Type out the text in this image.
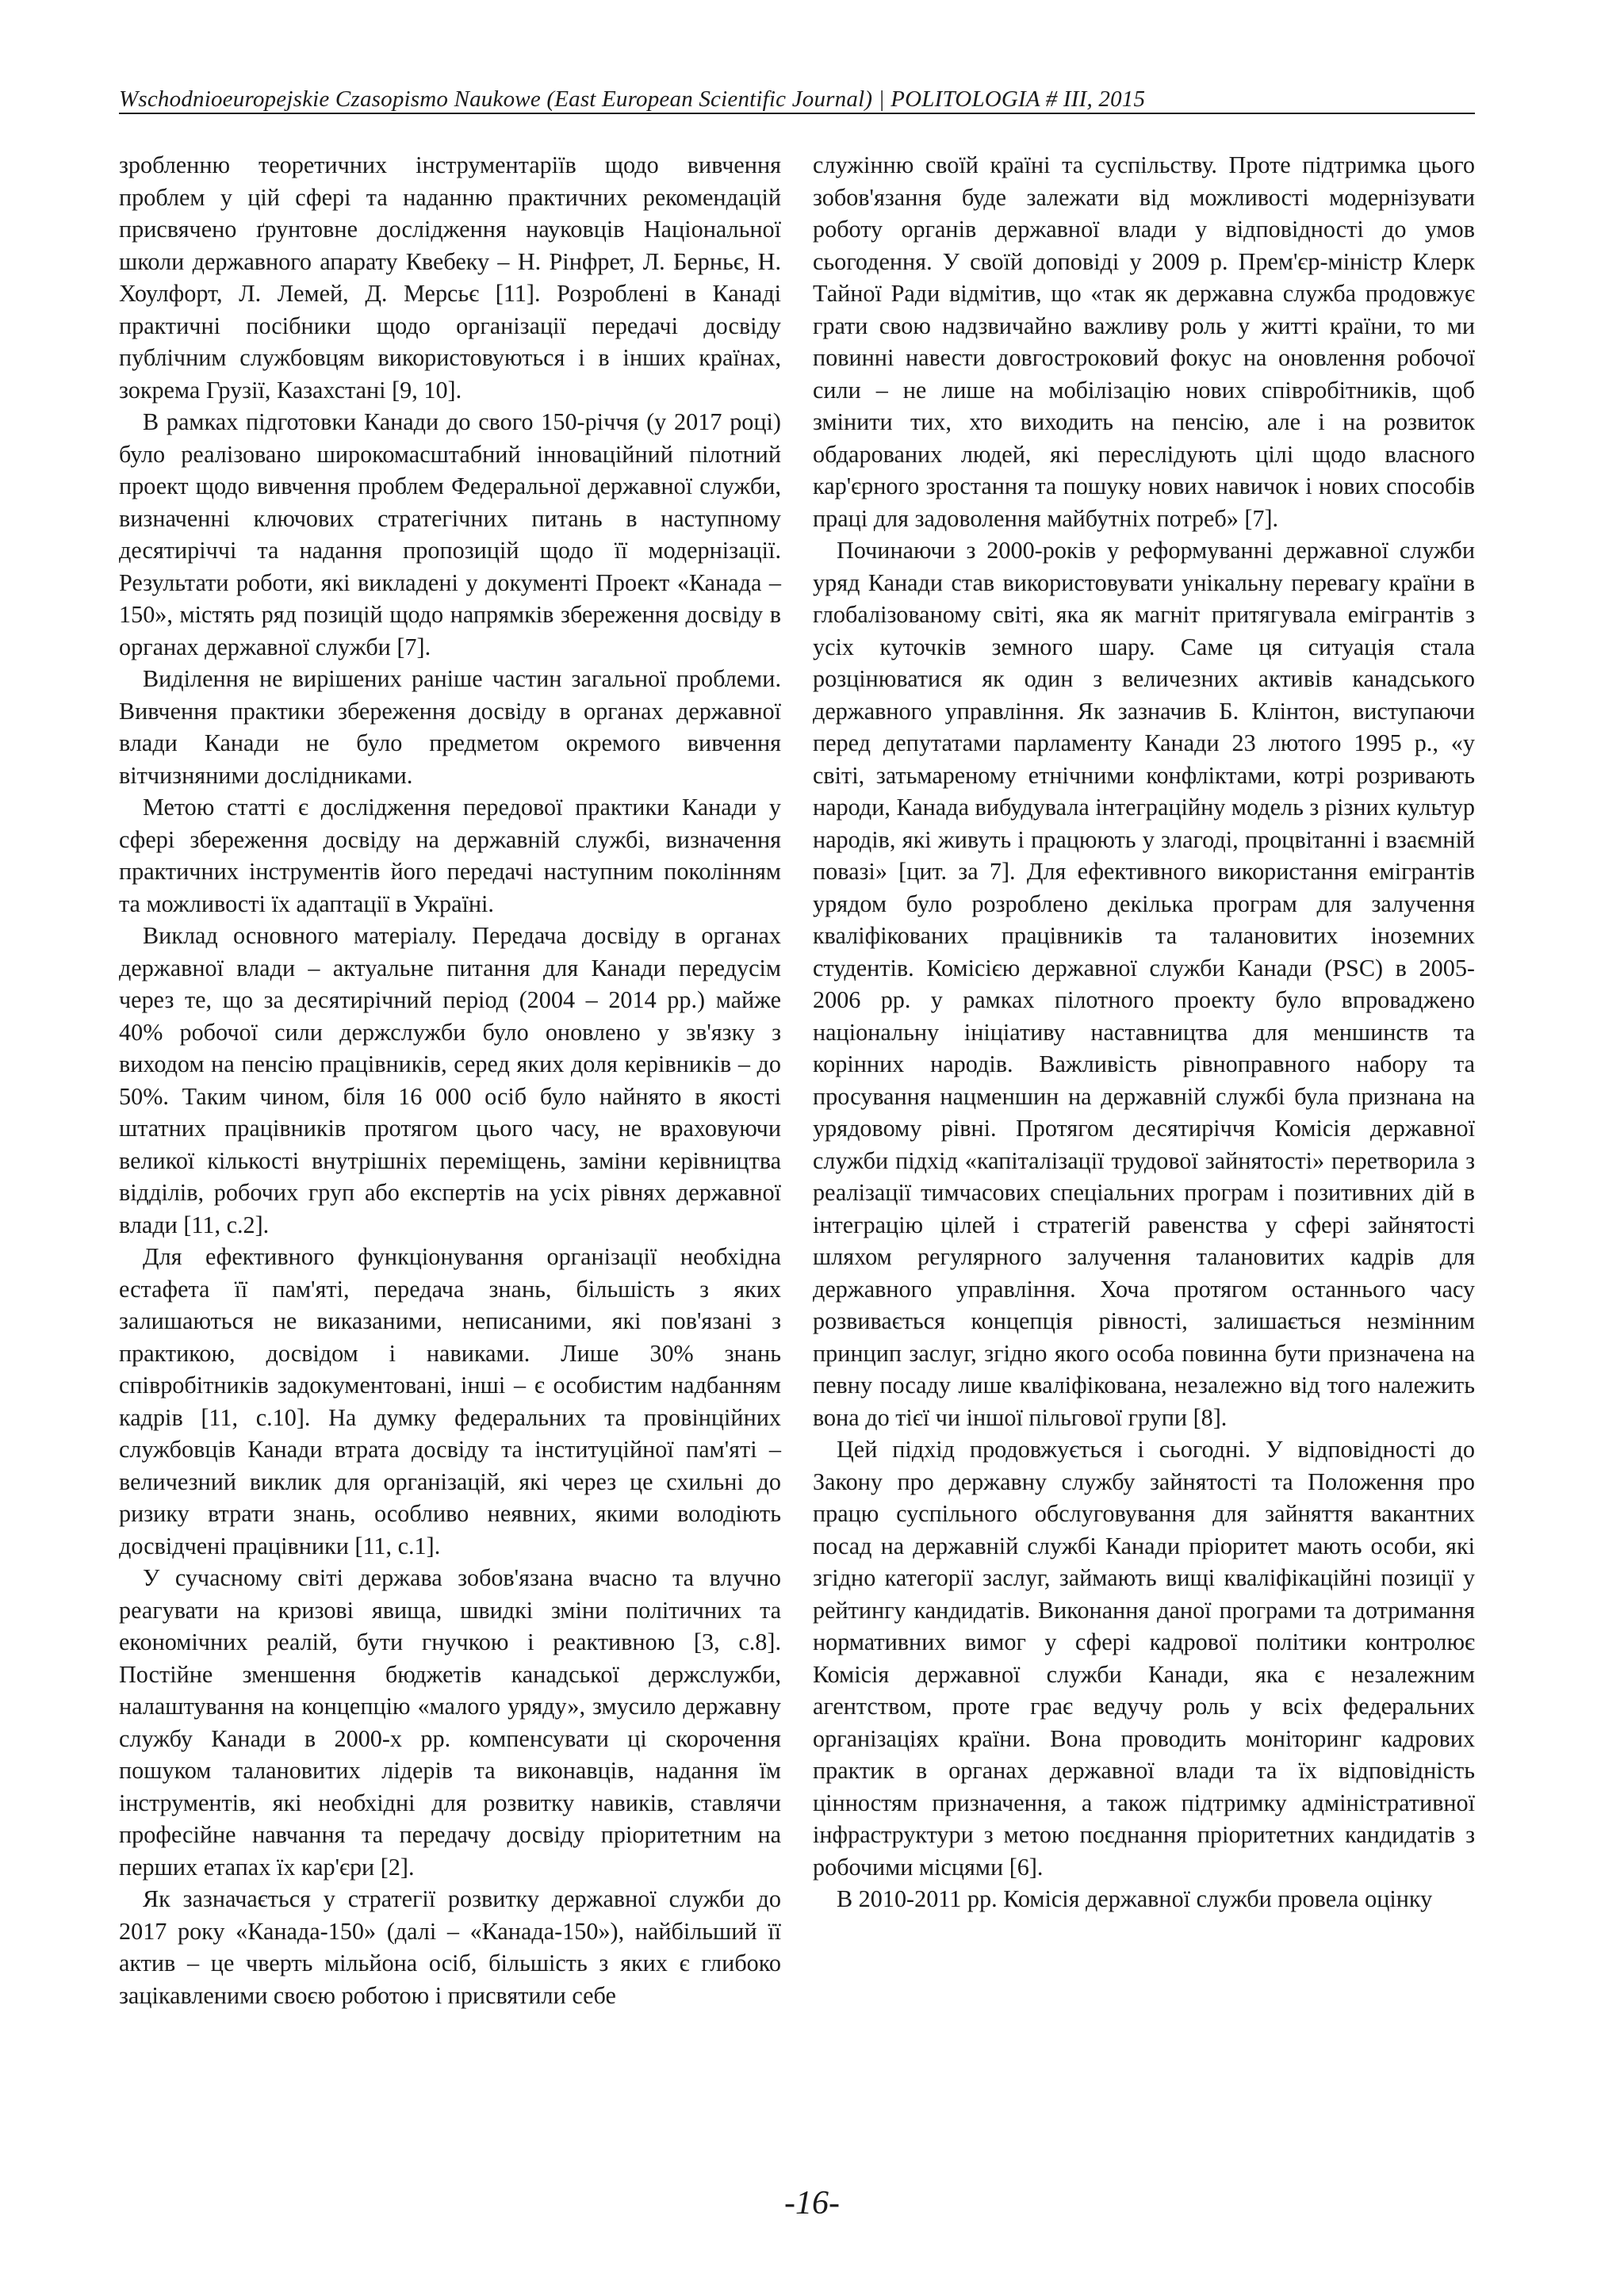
Wschodnioeuropejskie Czasopismo Naukowe (East European Scientific Journal) | POLITOLOGIA # III, 2015

зробленню теоретичних інструментаріїв щодо вивчення проблем у цій сфері та наданню практичних рекомендацій присвячено ґрунтовне дослідження науковців Національної школи державного апарату Квебеку – Н. Рінфрет, Л. Берньє, Н. Хоулфорт, Л. Лемей, Д. Мерсьє [11]. Розроблені в Канаді практичні посібники щодо організації передачі досвіду публічним службовцям використовуються і в інших країнах, зокрема Грузії, Казахстані [9, 10].

В рамках підготовки Канади до свого 150-річчя (у 2017 році) було реалізовано широкомасштабний інноваційний пілотний проект щодо вивчення проблем Федеральної державної служби, визначенні ключових стратегічних питань в наступному десятиріччі та надання пропозицій щодо її модернізації. Результати роботи, які викладені у документі Проект «Канада – 150», містять ряд позицій щодо напрямків збереження досвіду в органах державної служби [7].

Виділення не вирішених раніше частин загальної проблеми. Вивчення практики збереження досвіду в органах державної влади Канади не було предметом окремого вивчення вітчизняними дослідниками.

Метою статті є дослідження передової практики Канади у сфері збереження досвіду на державній службі, визначення практичних інструментів його передачі наступним поколінням та можливості їх адаптації в Україні.

Виклад основного матеріалу. Передача досвіду в органах державної влади – актуальне питання для Канади передусім через те, що за десятирічний період (2004 – 2014 рр.) майже 40% робочої сили держслужби було оновлено у зв'язку з виходом на пенсію працівників, серед яких доля керівників – до 50%. Таким чином, біля 16 000 осіб було найнято в якості штатних працівників протягом цього часу, не враховуючи великої кількості внутрішніх переміщень, заміни керівництва відділів, робочих груп або експертів на усіх рівнях державної влади [11, с.2].

Для ефективного функціонування організації необхідна естафета її пам'яті, передача знань, більшість з яких залишаються не виказаними, неписаними, які пов'язані з практикою, досвідом і навиками. Лише 30% знань співробітників задокументовані, інші – є особистим надбанням кадрів [11, с.10]. На думку федеральних та провінційних службовців Канади втрата досвіду та інституційної пам'яті – величезний виклик для організацій, які через це схильні до ризику втрати знань, особливо неявних, якими володіють досвідчені працівники [11, с.1].

У сучасному світі держава зобов'язана вчасно та влучно реагувати на кризові явища, швидкі зміни політичних та економічних реалій, бути гнучкою і реактивною [3, с.8]. Постійне зменшення бюджетів канадської держслужби, налаштування на концепцію «малого уряду», змусило державну службу Канади в 2000-х рр. компенсувати ці скорочення пошуком талановитих лідерів та виконавців, надання їм інструментів, які необхідні для розвитку навиків, ставлячи професійне навчання та передачу досвіду пріоритетним на перших етапах їх кар'єри [2].

Як зазначається у стратегії розвитку державної служби до 2017 року «Канада-150» (далі – «Канада-150»), найбільший її актив – це чверть мільйона осіб, більшість з яких є глибоко зацікавленими своєю роботою і присвятили себе

служінню своїй країні та суспільству. Проте підтримка цього зобов'язання буде залежати від можливості модернізувати роботу органів державної влади у відповідності до умов сьогодення. У своїй доповіді у 2009 р. Прем'єр-міністр Клерк Тайної Ради відмітив, що «так як державна служба продовжує грати свою надзвичайно важливу роль у житті країни, то ми повинні навести довгостроковий фокус на оновлення робочої сили – не лише на мобілізацію нових співробітників, щоб змінити тих, хто виходить на пенсію, але і на розвиток обдарованих людей, які переслідують цілі щодо власного кар'єрного зростання та пошуку нових навичок і нових способів праці для задоволення майбутніх потреб» [7].

Починаючи з 2000-років у реформуванні державної служби уряд Канади став використовувати унікальну перевагу країни в глобалізованому світі, яка як магніт притягувала емігрантів з усіх куточків земного шару. Саме ця ситуація стала розцінюватися як один з величезних активів канадського державного управління. Як зазначив Б. Клінтон, виступаючи перед депутатами парламенту Канади 23 лютого 1995 р., «у світі, затьмареному етнічними конфліктами, котрі розривають народи, Канада вибудувала інтеграційну модель з різних культур народів, які живуть і працюють у злагоді, процвітанні і взаємній повазі» [цит. за 7]. Для ефективного використання емігрантів урядом було розроблено декілька програм для залучення кваліфікованих працівників та талановитих іноземних студентів. Комісією державної служби Канади (PSC) в 2005-2006 рр. у рамках пілотного проекту було впроваджено національну ініціативу наставництва для меншинств та корінних народів. Важливість рівноправного набору та просування нацменшин на державній службі була признана на урядовому рівні. Протягом десятиріччя Комісія державної служби підхід «капіталізації трудової зайнятості» перетворила з реалізації тимчасових спеціальних програм і позитивних дій в інтеграцію цілей і стратегій равенства у сфері зайнятості шляхом регулярного залучення талановитих кадрів для державного управління. Хоча протягом останнього часу розвивається концепція рівності, залишається незмінним принцип заслуг, згідно якого особа повинна бути призначена на певну посаду лише кваліфікована, незалежно від того належить вона до тієї чи іншої пільгової групи [8].

Цей підхід продовжується і сьогодні. У відповідності до Закону про державну службу зайнятості та Положення про працю суспільного обслуговування для зайняття вакантних посад на державній службі Канади пріоритет мають особи, які згідно категорії заслуг, займають вищі кваліфікаційні позиції у рейтингу кандидатів. Виконання даної програми та дотримання нормативних вимог у сфері кадрової політики контролює Комісія державної служби Канади, яка є незалежним агентством, проте грає ведучу роль у всіх федеральних організаціях країни. Вона проводить моніторинг кадрових практик в органах державної влади та їх відповідність цінностям призначення, а також підтримку адміністративної інфраструктури з метою поєднання пріоритетних кандидатів з робочими місцями [6].

В 2010-2011 рр. Комісія державної служби провела оцінку

-16-
